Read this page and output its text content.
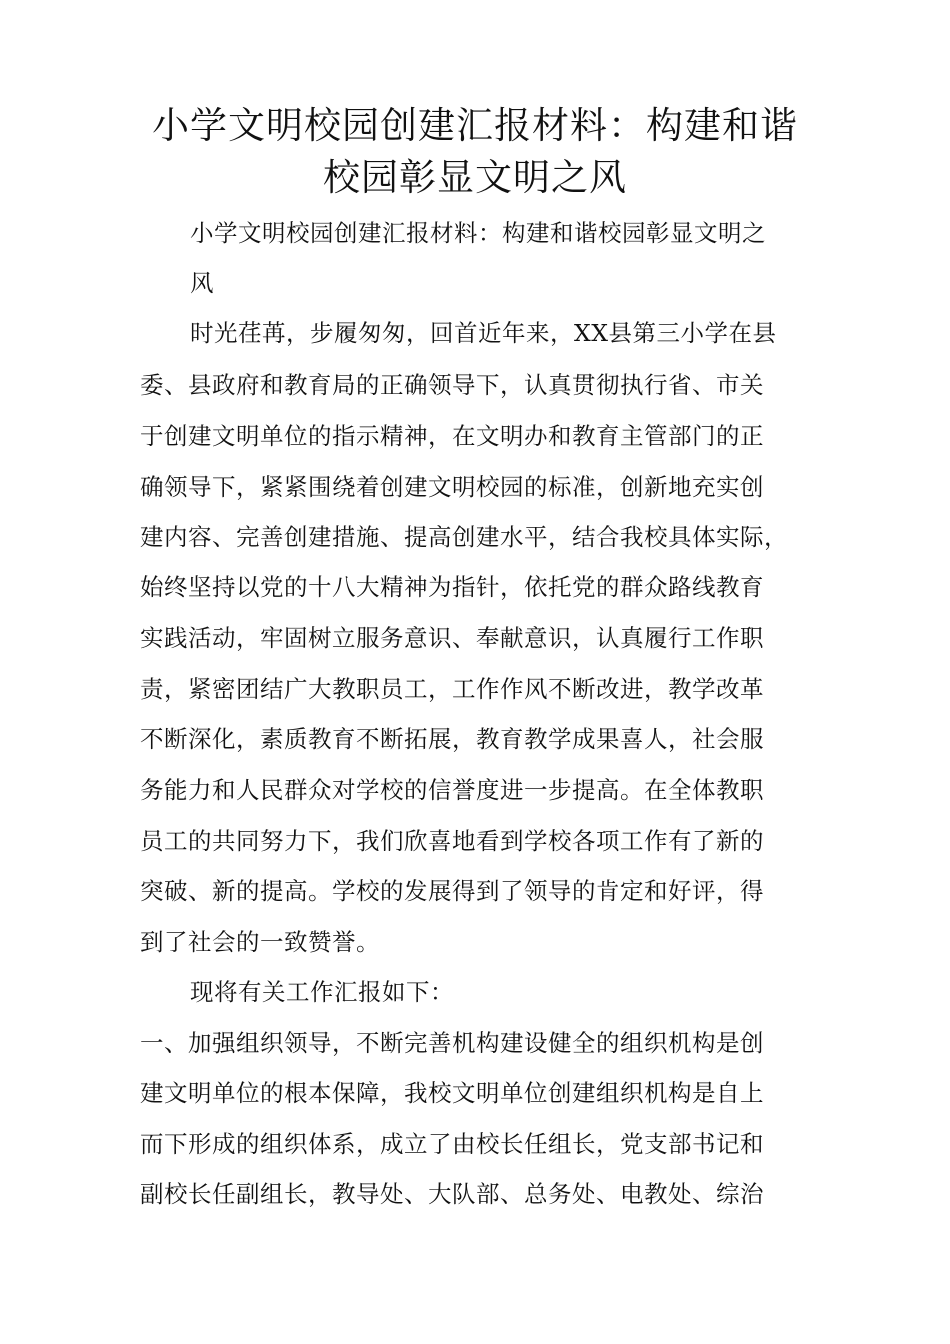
小学文明校园创建汇报材料：构建和谐
校园彰显文明之风
小学文明校园创建汇报材料：构建和谐校园彰显文明之
风
时光荏苒，步履匆匆，回首近年来，XX县第三小学在县
委、县政府和教育局的正确领导下，认真贯彻执行省、市关
于创建文明单位的指示精神，在文明办和教育主管部门的正
确领导下，紧紧围绕着创建文明校园的标准，创新地充实创
建内容、完善创建措施、提高创建水平，结合我校具体实际，
始终坚持以党的十八大精神为指针，依托党的群众路线教育
实践活动，牢固树立服务意识、奉献意识，认真履行工作职
责，紧密团结广大教职员工，工作作风不断改进，教学改革
不断深化，素质教育不断拓展，教育教学成果喜人，社会服
务能力和人民群众对学校的信誉度进一步提高。在全体教职
员工的共同努力下，我们欣喜地看到学校各项工作有了新的
突破、新的提高。学校的发展得到了领导的肯定和好评，得
到了社会的一致赞誉。
现将有关工作汇报如下：
一、加强组织领导，不断完善机构建设健全的组织机构是创
建文明单位的根本保障，我校文明单位创建组织机构是自上
而下形成的组织体系，成立了由校长任组长，党支部书记和
副校长任副组长，教导处、大队部、总务处、电教处、综治
